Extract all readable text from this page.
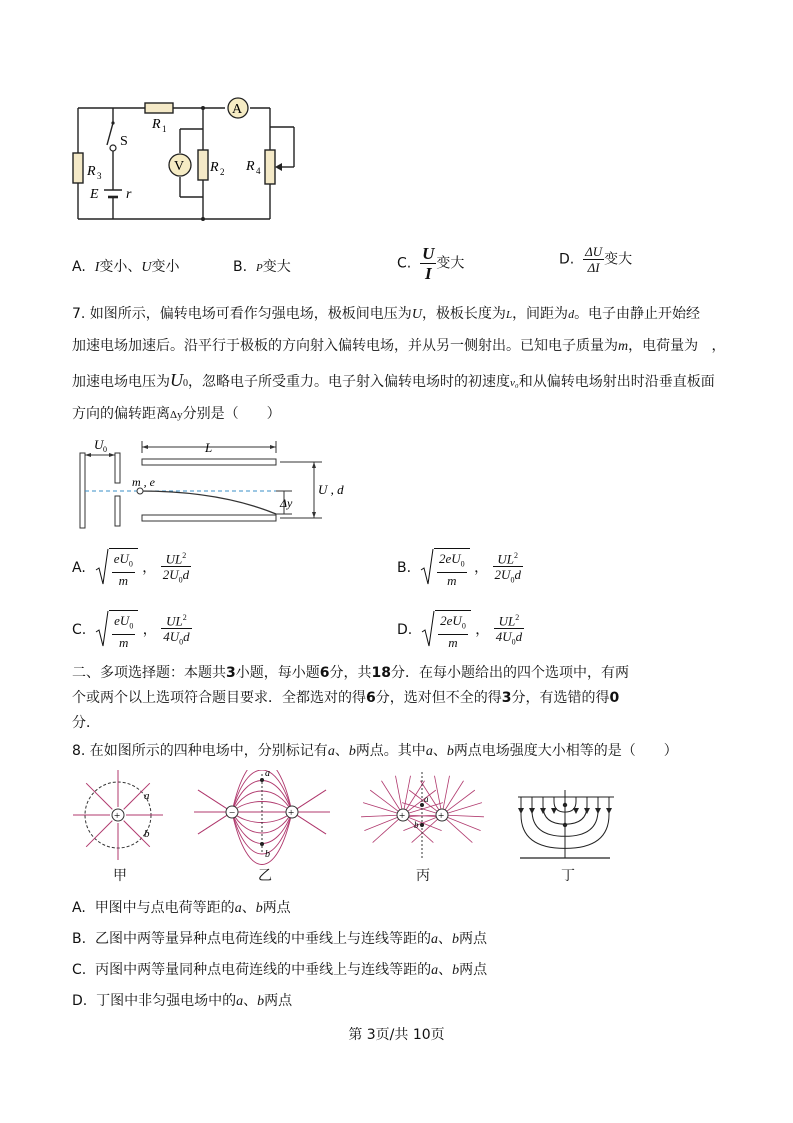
A
V
R 1
R 2
R 3
R 4
S
E r
A. I变小、U变小	B. P变大	C. $\frac{U}{I}$ 变大	D. $\frac{\Delta U}{\Delta I}$ 变大
7. 如图所示，偏转电场可看作匀强电场，极板间电压为U，极板长度为L，间距为d。电子由静止开始经
加速电场加速后。沿平行于极板的方向射入偏转电场，并从另一侧射出。已知电子质量为m，电荷量为 ，
加速电场电压为U0，忽略电子所受重力。电子射入偏转电场时的初速度v₀和从偏转电场射出时沿垂直板面
方向的偏转距离Δy分别是（　　）
U 0	L
m , e	U , d
Δy
A. $\frac{eU_0}{m}$ ， $\frac{UL^2}{2U_0d}$	B. $\frac{2eU_0}{m}$ ， $\frac{UL^2}{2U_0d}$
C. $\frac{eU_0}{m}$ ， $\frac{UL^2}{4U_0d}$	D. $\frac{2eU_0}{m}$ ， $\frac{UL^2}{4U_0d}$
二、多项选择题：本题共3小题，每小题6分，共18分．在每小题给出的四个选项中，有两
个或两个以上选项符合题目要求．全都选对的得6分，选对但不全的得3分，有选错的得0
分．
8. 在如图所示的四种电场中，分别标记有a、b两点。其中a、b两点电场强度大小相等的是（　　）
+
a
b
−	+
a
b
+	+
a
b
甲	乙	丙	丁
A. 甲图中与点电荷等距的a、b两点
B. 乙图中两等量异种点电荷连线的中垂线上与连线等距的a、b两点
C. 丙图中两等量同种点电荷连线的中垂线上与连线等距的a、b两点
D. 丁图中非匀强电场中的a、b两点
第 3页/共 10页
